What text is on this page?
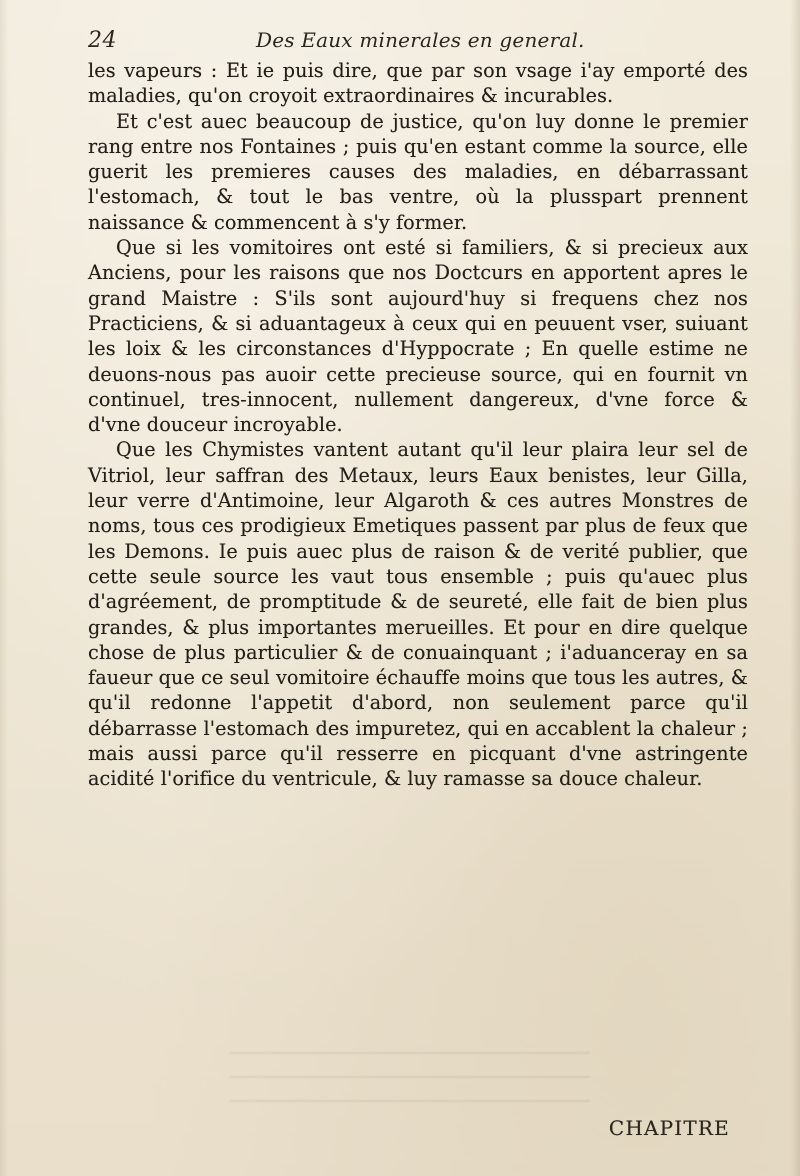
24	Des Eaux minerales en general.

les vapeurs : Et ie puis dire, que par son vsage i'ay emporté des maladies, qu'on croyoit extraordinaires & incurables.

Et c'est auec beaucoup de justice, qu'on luy donne le premier rang entre nos Fontaines ; puis qu'en estant comme la source, elle guerit les premieres causes des maladies, en débarrassant l'estomach, & tout le bas ventre, où la plusspart prennent naissance & commencent à s'y former.

Que si les vomitoires ont esté si familiers, & si precieux aux Anciens, pour les raisons que nos Doctcurs en apportent apres le grand Maistre : S'ils sont aujourd'huy si frequens chez nos Practiciens, & si aduantageux à ceux qui en peuuent vser, suiuant les loix & les circonstances d'Hyppocrate ; En quelle estime ne deuons-nous pas auoir cette precieuse source, qui en fournit vn continuel, tres-innocent, nullement dangereux, d'vne force & d'vne douceur incroyable.

Que les Chymistes vantent autant qu'il leur plaira leur sel de Vitriol, leur saffran des Metaux, leurs Eaux benistes, leur Gilla, leur verre d'Antimoine, leur Algaroth & ces autres Monstres de noms, tous ces prodigieux Emetiques passent par plus de feux que les Demons. Ie puis auec plus de raison & de verité publier, que cette seule source les vaut tous ensemble ; puis qu'auec plus d'agréement, de promptitude & de seureté, elle fait de bien plus grandes, & plus importantes merueilles. Et pour en dire quelque chose de plus particulier & de conuainquant ; i'aduanceray en sa faueur que ce seul vomitoire échauffe moins que tous les autres, & qu'il redonne l'appetit d'abord, non seulement parce qu'il débarrasse l'estomach des impuretez, qui en accablent la chaleur ; mais aussi parce qu'il resserre en picquant d'vne astringente acidité l'orifice du ventricule, & luy ramasse sa douce chaleur.

CHAPITRE
